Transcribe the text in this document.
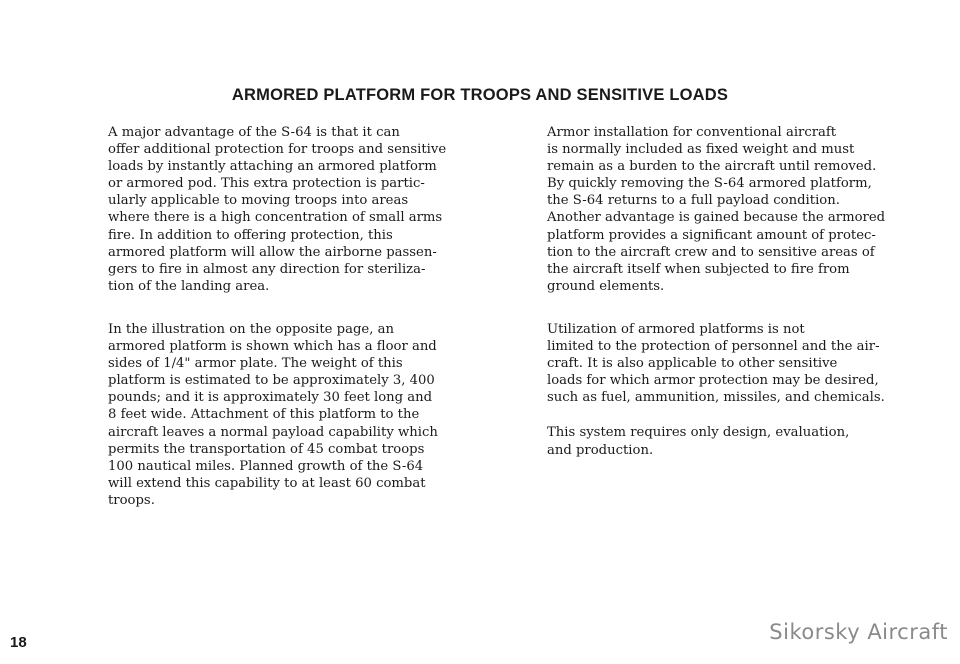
ARMORED PLATFORM FOR TROOPS AND SENSITIVE LOADS

A major advantage of the S-64 is that it can
offer additional protection for troops and sensitive
loads by instantly attaching an armored platform
or armored pod. This extra protection is partic-
ularly applicable to moving troops into areas
where there is a high concentration of small arms
fire. In addition to offering protection, this
armored platform will allow the airborne passen-
gers to fire in almost any direction for steriliza-
tion of the landing area.

In the illustration on the opposite page, an
armored platform is shown which has a floor and
sides of 1/4" armor plate. The weight of this
platform is estimated to be approximately 3, 400
pounds; and it is approximately 30 feet long and
8 feet wide. Attachment of this platform to the
aircraft leaves a normal payload capability which
permits the transportation of 45 combat troops
100 nautical miles. Planned growth of the S-64
will extend this capability to at least 60 combat
troops.

Armor installation for conventional aircraft
is normally included as fixed weight and must
remain as a burden to the aircraft until removed.
By quickly removing the S-64 armored platform,
the S-64 returns to a full payload condition.
Another advantage is gained because the armored
platform provides a significant amount of protec-
tion to the aircraft crew and to sensitive areas of
the aircraft itself when subjected to fire from
ground elements.

Utilization of armored platforms is not
limited to the protection of personnel and the air-
craft. It is also applicable to other sensitive
loads for which armor protection may be desired,
such as fuel, ammunition, missiles, and chemicals.

This system requires only design, evaluation,
and production.

18	Sikorsky Aircraft
